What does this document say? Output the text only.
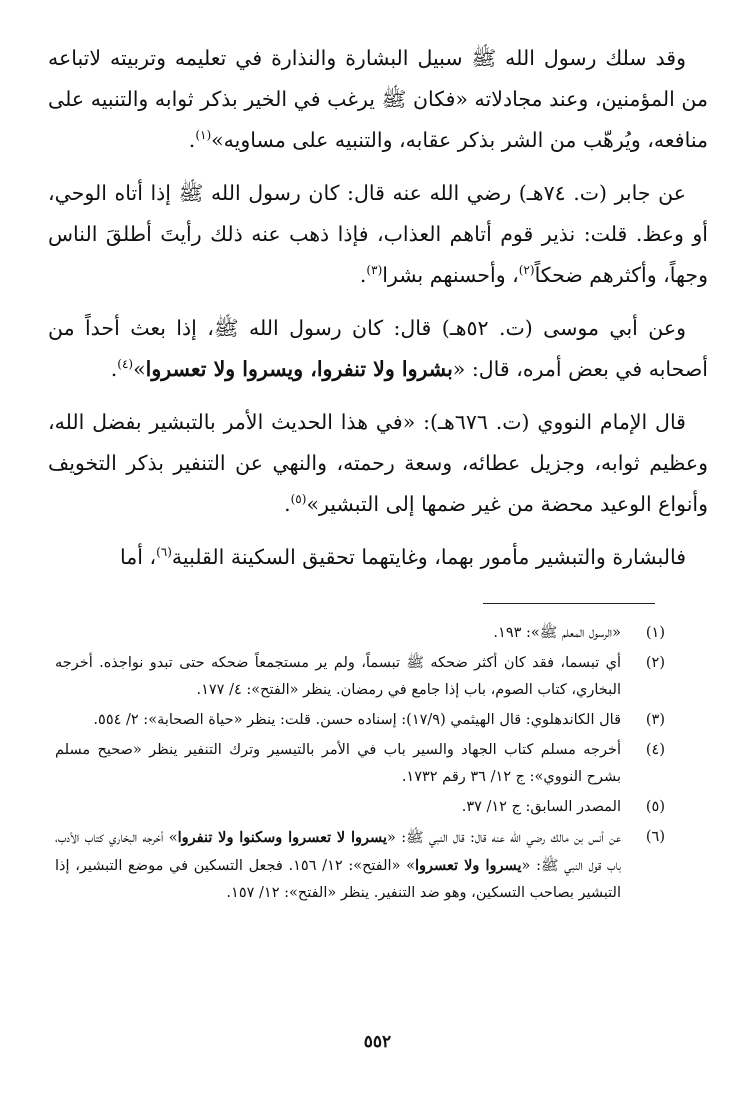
وقد سلك رسول الله ﷺ سبيل البشارة والنذارة في تعليمه وتربيته لاتباعه من المؤمنين، وعند مجادلاته «فكان ﷺ يرغب في الخير بذكر ثوابه والتنبيه على منافعه، ويُرهّب من الشر بذكر عقابه، والتنبيه على مساويه»$^{(١)}$.

عن جابر (ت. ٧٤هـ) رضي الله عنه قال: كان رسول الله ﷺ إذا أتاه الوحي، أو وعظ. قلت: نذير قوم أتاهم العذاب، فإذا ذهب عنه ذلك رأيتَ أطلقَ الناس وجهاً، وأكثرهم ضحكاً$^{(٢)}$، وأحسنهم بشرا$^{(٣)}$.

وعن أبي موسى (ت. ٥٢هـ) قال: كان رسول الله ﷺ، إذا بعث أحداً من أصحابه في بعض أمره، قال: «بشروا ولا تنفروا، ويسروا ولا تعسروا»$^{(٤)}$.

قال الإمام النووي (ت. ٦٧٦هـ): «في هذا الحديث الأمر بالتبشير بفضل الله، وعظيم ثوابه، وجزيل عطائه، وسعة رحمته، والنهي عن التنفير بذكر التخويف وأنواع الوعيد محضة من غير ضمها إلى التبشير»$^{(٥)}$.

فالبشارة والتبشير مأمور بهما، وغايتهما تحقيق السكينة القلبية$^{(٦)}$، أما

(١)
«الرسول المعلم ﷺ»: ١٩٣.
(٢)
أي تبسما، فقد كان أكثر ضحكه ﷺ تبسماً، ولم ير مستجمعاً ضحكه حتى تبدو نواجذه. أخرجه البخاري، كتاب الصوم، باب إذا جامع في رمضان. ينظر «الفتح»: ٤/ ١٧٧.
(٣)
قال الكاندهلوي: قال الهيثمي (١٧/٩): إسناده حسن. قلت: ينظر «حياة الصحابة»: ٢/ ٥٥٤.
(٤)
أخرجه مسلم كتاب الجهاد والسير باب في الأمر بالتيسير وترك التنفير ينظر «صحيح مسلم بشرح النووي»: ج ١٢/ ٣٦ رقم ١٧٣٢.
(٥)
المصدر السابق: ج ١٢/ ٣٧.
(٦)
عن أنس بن مالك رضي الله عنه قال: قال النبي ﷺ: «يسروا لا تعسروا وسكنوا ولا تنفروا» أخرجه البخاري كتاب الأدب، باب قول النبي ﷺ: «يسروا ولا تعسروا» «الفتح»: ١٢/ ١٥٦. فجعل التسكين في موضع التبشير، إذا التبشير بصاحب التسكين، وهو ضد التنفير. ينظر «الفتح»: ١٢/ ١٥٧.
٥٥٢
